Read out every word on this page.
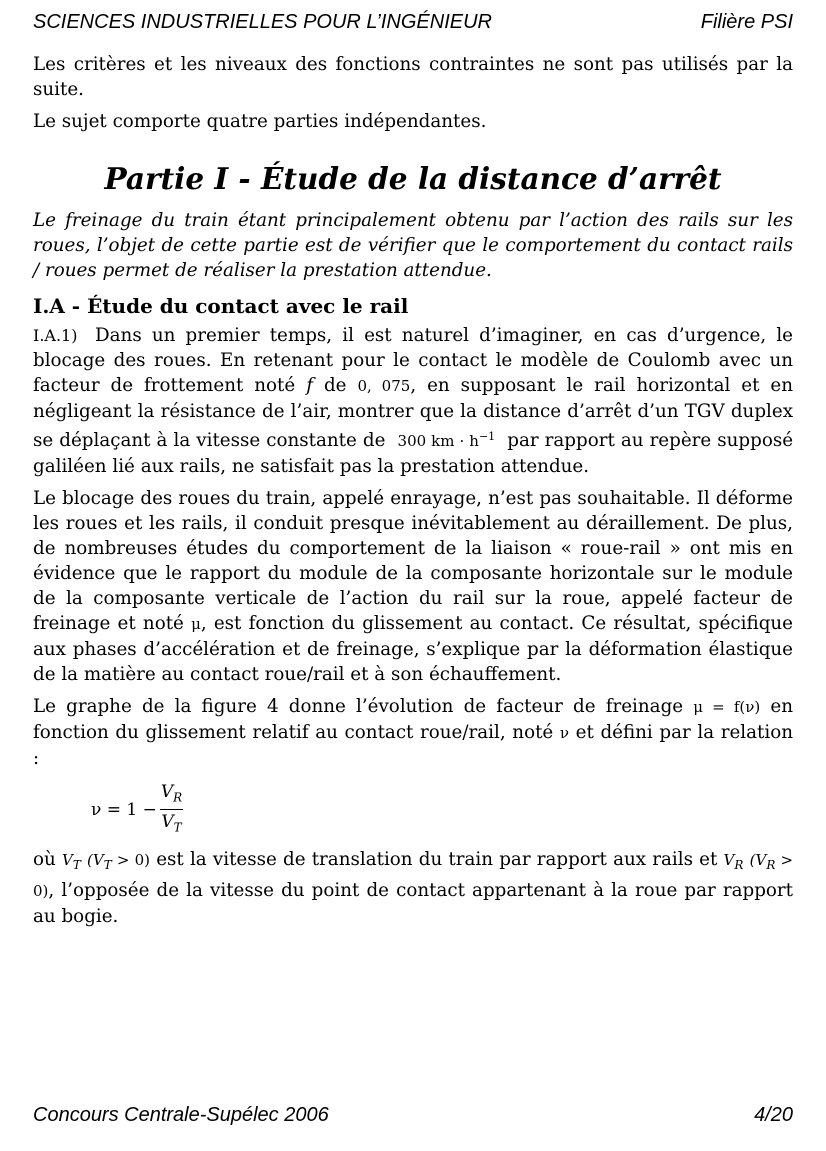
SCIENCES INDUSTRIELLES POUR L’INGÉNIEUR	Filière PSI

Les critères et les niveaux des fonctions contraintes ne sont pas utilisés par la suite.

Le sujet comporte quatre parties indépendantes.

Partie I - Étude de la distance d’arrêt

Le freinage du train étant principalement obtenu par l’action des rails sur les roues, l’objet de cette partie est de vérifier que le comportement du contact rails / roues permet de réaliser la prestation attendue.

I.A - Étude du contact avec le rail

I.A.1) Dans un premier temps, il est naturel d’imaginer, en cas d’urgence, le blocage des roues. En retenant pour le contact le modèle de Coulomb avec un facteur de frottement noté f de 0, 075, en supposant le rail horizontal et en négligeant la résistance de l’air, montrer que la distance d’arrêt d’un TGV duplex se déplaçant à la vitesse constante de 300 km · $h^{-1}$ par rapport au repère supposé galiléen lié aux rails, ne satisfait pas la prestation attendue.

Le blocage des roues du train, appelé enrayage, n’est pas souhaitable. Il déforme les roues et les rails, il conduit presque inévitablement au déraillement. De plus, de nombreuses études du comportement de la liaison « roue-rail » ont mis en évidence que le rapport du module de la composante horizontale sur le module de la composante verticale de l’action du rail sur la roue, appelé facteur de freinage et noté μ, est fonction du glissement au contact. Ce résultat, spécifique aux phases d’accélération et de freinage, s’explique par la déformation élastique de la matière au contact roue/rail et à son échauffement.

Le graphe de la figure 4 donne l’évolution de facteur de freinage μ = f(ν) en fonction du glissement relatif au contact roue/rail, noté ν et défini par la relation :

$\nu = 1 - \frac{V_R}{V_T}$

où $V_T$ $(V_T > 0)$ est la vitesse de translation du train par rapport aux rails et $V_R$ $(V_R > 0)$, l’opposée de la vitesse du point de contact appartenant à la roue par rapport au bogie.

Concours Centrale-Supélec 2006	4/20
